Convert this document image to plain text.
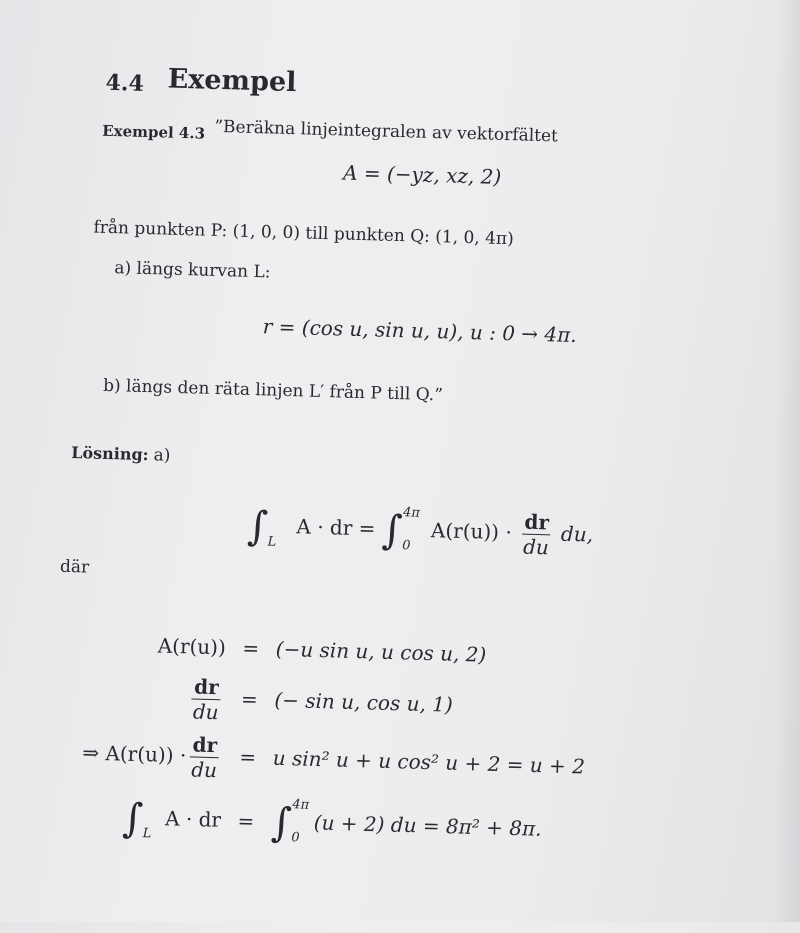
4.4 Exempel
Exempel 4.3 ”Beräkna linjeintegralen av vektorfältet
A = (−yz, xz, 2)
från punkten P: (1, 0, 0) till punkten Q: (1, 0, 4π)
a) längs kurvan L:
r = (cos u, sin u, u), u : 0 → 4π.
b) längs den räta linjen L′ från P till Q.”
Lösning: a)
∫
L
A · dr = ∫ 4π
0
$A(r(u)) \cdot \frac{dr}{du}$ du,
där
A(r(u)) = (−u sin u, u cos u, 2)
$\frac{dr}{du}$ = (− sin u, cos u, 1)
⇒ $A(r(u)) \cdot \frac{dr}{du} = u$ sin² u + u cos² u + 2 = u + 2
∫
L
A · dr = ∫ 4π
0 (u + 2) du = 8π² + 8π.
